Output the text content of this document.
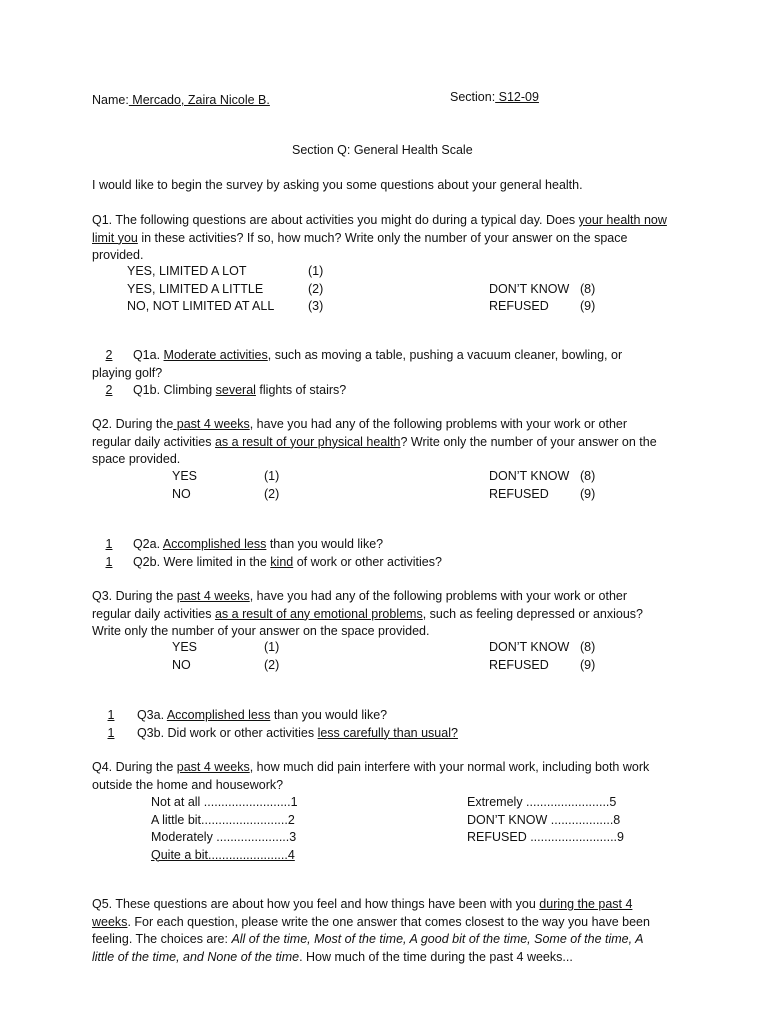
Name: Mercado, Zaira Nicole B.	Section: S12-09
Section Q: General Health Scale
I would like to begin the survey by asking you some questions about your general health.
Q1. The following questions are about activities you might do during a typical day. Does your health now
limit you in these activities? If so, how much? Write only the number of your answer on the space
provided.
YES, LIMITED A LOT	(1)
YES, LIMITED A LITTLE	(2)
NO, NOT LIMITED AT ALL	(3)
DON’T KNOW (8)
REFUSED	(9)
2 Q1a. Moderate activities, such as moving a table, pushing a vacuum cleaner, bowling, or
playing golf?
2 Q1b. Climbing several flights of stairs?
Q2. During the past 4 weeks, have you had any of the following problems with your work or other
regular daily activities as a result of your physical health? Write only the number of your answer on the
space provided.
YES	(1)
NO	(2)
DON’T KNOW (8)
REFUSED	(9)
1 Q2a. Accomplished less than you would like?
1 Q2b. Were limited in the kind of work or other activities?
Q3. During the past 4 weeks, have you had any of the following problems with your work or other
regular daily activities as a result of any emotional problems, such as feeling depressed or anxious?
Write only the number of your answer on the space provided.
YES	(1)
NO	(2)
DON’T KNOW (8)
REFUSED	(9)
1 Q3a. Accomplished less than you would like?
1 Q3b. Did work or other activities less carefully than usual?
Q4. During the past 4 weeks, how much did pain interfere with your normal work, including both work
outside the home and housework?
Not at all .........................1
A little bit.........................2
Moderately .....................3
Quite a bit.......................4
Extremely ........................5
DON’T KNOW ..................8
REFUSED .........................9
Q5. These questions are about how you feel and how things have been with you during the past 4
weeks. For each question, please write the one answer that comes closest to the way you have been
feeling. The choices are: All of the time, Most of the time, A good bit of the time, Some of the time, A
little of the time, and None of the time. How much of the time during the past 4 weeks...
